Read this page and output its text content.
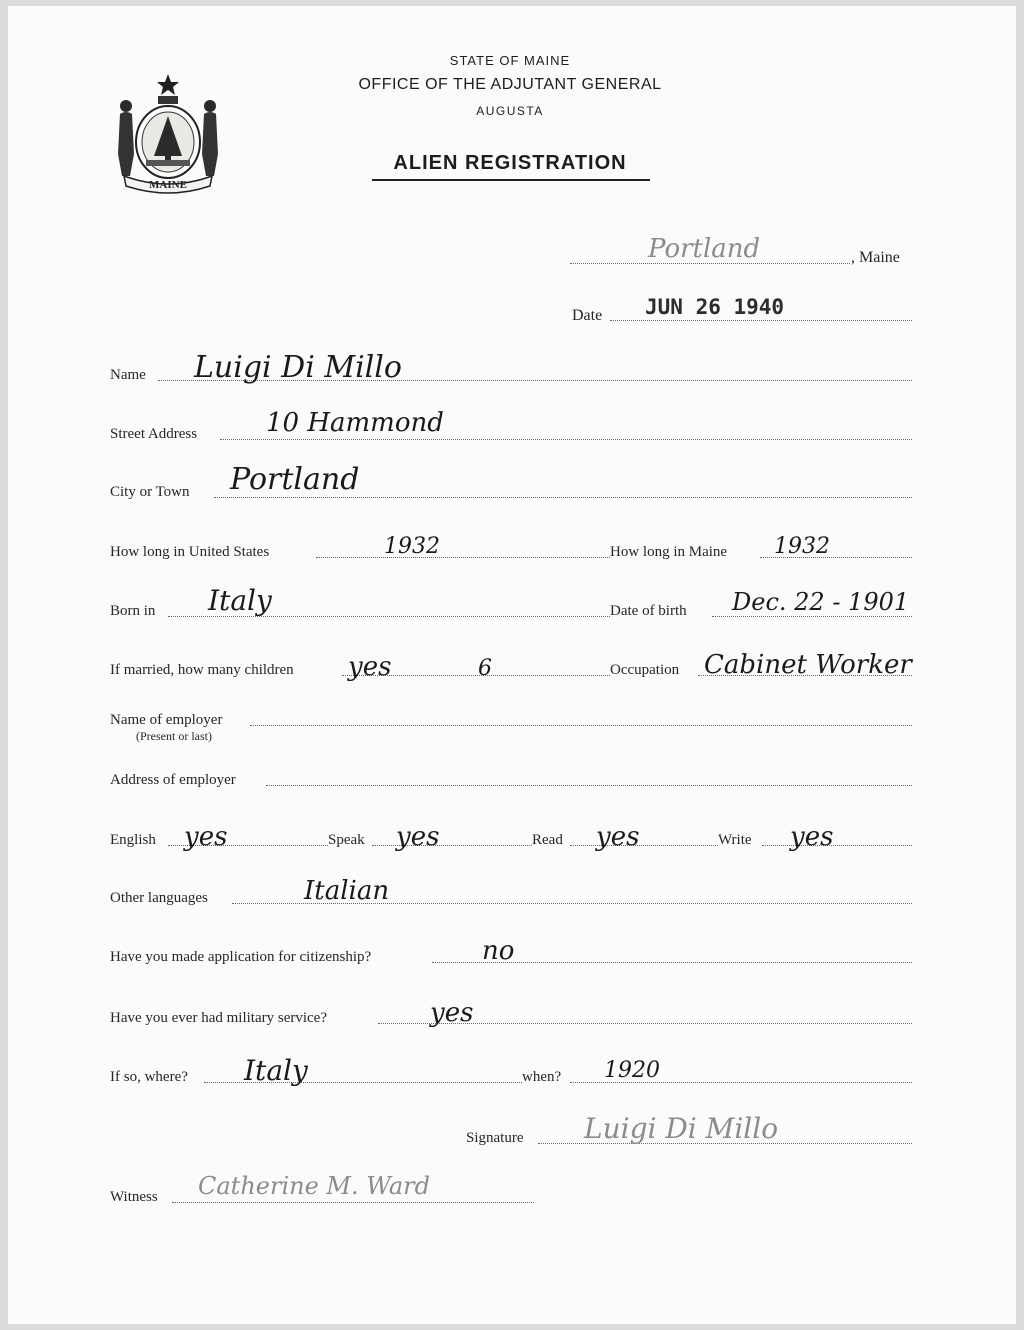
MAINE
STATE OF MAINE
OFFICE OF THE ADJUTANT GENERAL
AUGUSTA
ALIEN REGISTRATION
Portland	, Maine
Date JUN 26 1940
Name Luigi Di Millo
Street Address	10 Hammond
City or Town Portland
How long in United States	1932	How long in Maine 1932
Born in Italy	Date of birth Dec. 22 - 1901
If married, how many children yes	6	Occupation Cabinet Worker
Name of employer
(Present or last)
Address of employer
English yes	Speak yes	Read yes	Write yes
Other languages	Italian
Have you made application for citizenship?	no
Have you ever had military service?	yes
If so, where? Italy	when? 1920
Signature Luigi Di Millo
Witness Catherine M. Ward
